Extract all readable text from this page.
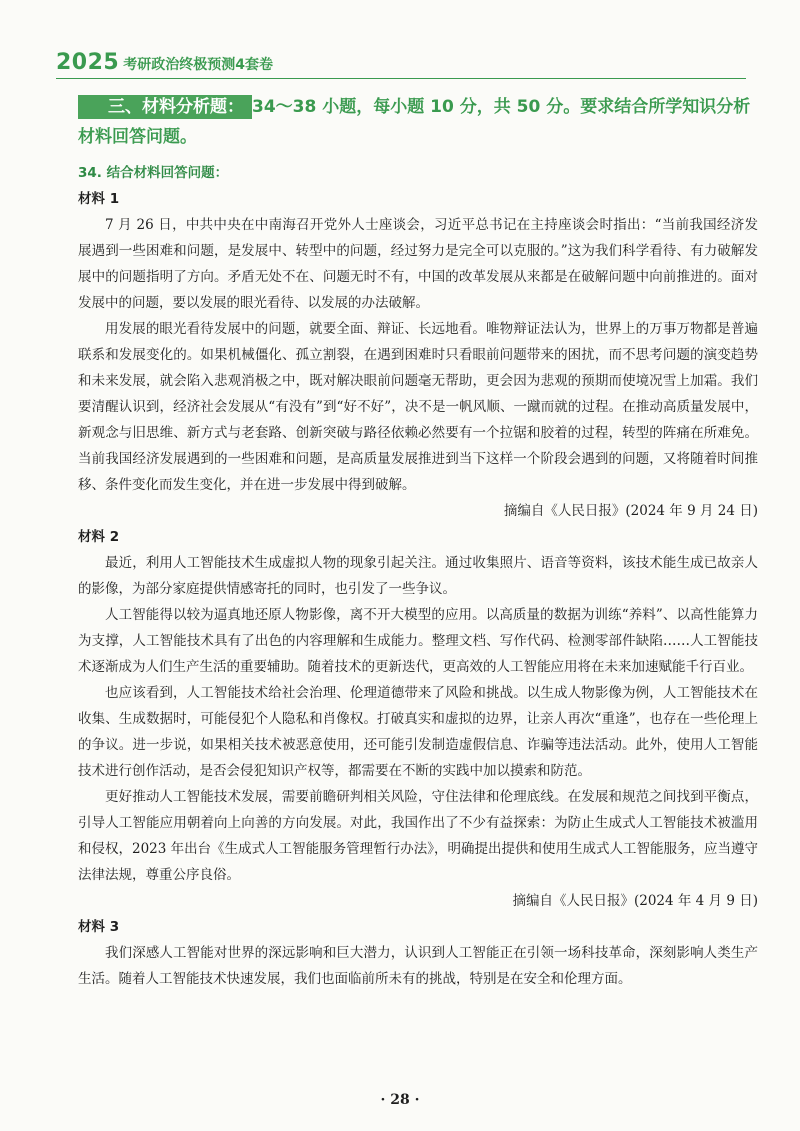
2025 考研政治终极预测4套卷
三、材料分析题： 34～38 小题，每小题 10 分，共 50 分。要求结合所学知识分析材料回答问题。

34. 结合材料回答问题：

材料 1

7 月 26 日，中共中央在中南海召开党外人士座谈会，习近平总书记在主持座谈会时指出：“当前我国经济发展遇到一些困难和问题，是发展中、转型中的问题，经过努力是完全可以克服的。”这为我们科学看待、有力破解发展中的问题指明了方向。矛盾无处不在、问题无时不有，中国的改革发展从来都是在破解问题中向前推进的。面对发展中的问题，要以发展的眼光看待、以发展的办法破解。

用发展的眼光看待发展中的问题，就要全面、辩证、长远地看。唯物辩证法认为，世界上的万事万物都是普遍联系和发展变化的。如果机械僵化、孤立割裂，在遇到困难时只看眼前问题带来的困扰，而不思考问题的演变趋势和未来发展，就会陷入悲观消极之中，既对解决眼前问题毫无帮助，更会因为悲观的预期而使境况雪上加霜。我们要清醒认识到，经济社会发展从“有没有”到“好不好”，决不是一帆风顺、一蹴而就的过程。在推动高质量发展中，新观念与旧思维、新方式与老套路、创新突破与路径依赖必然要有一个拉锯和胶着的过程，转型的阵痛在所难免。当前我国经济发展遇到的一些困难和问题，是高质量发展推进到当下这样一个阶段会遇到的问题，又将随着时间推移、条件变化而发生变化，并在进一步发展中得到破解。

摘编自《人民日报》(2024 年 9 月 24 日)

材料 2

最近，利用人工智能技术生成虚拟人物的现象引起关注。通过收集照片、语音等资料，该技术能生成已故亲人的影像，为部分家庭提供情感寄托的同时，也引发了一些争议。

人工智能得以较为逼真地还原人物影像，离不开大模型的应用。以高质量的数据为训练“养料”、以高性能算力为支撑，人工智能技术具有了出色的内容理解和生成能力。整理文档、写作代码、检测零部件缺陷……人工智能技术逐渐成为人们生产生活的重要辅助。随着技术的更新迭代，更高效的人工智能应用将在未来加速赋能千行百业。

也应该看到，人工智能技术给社会治理、伦理道德带来了风险和挑战。以生成人物影像为例，人工智能技术在收集、生成数据时，可能侵犯个人隐私和肖像权。打破真实和虚拟的边界，让亲人再次“重逢”，也存在一些伦理上的争议。进一步说，如果相关技术被恶意使用，还可能引发制造虚假信息、诈骗等违法活动。此外，使用人工智能技术进行创作活动，是否会侵犯知识产权等，都需要在不断的实践中加以摸索和防范。

更好推动人工智能技术发展，需要前瞻研判相关风险，守住法律和伦理底线。在发展和规范之间找到平衡点，引导人工智能应用朝着向上向善的方向发展。对此，我国作出了不少有益探索：为防止生成式人工智能技术被滥用和侵权，2023 年出台《生成式人工智能服务管理暂行办法》，明确提出提供和使用生成式人工智能服务，应当遵守法律法规，尊重公序良俗。

摘编自《人民日报》(2024 年 4 月 9 日)

材料 3

我们深感人工智能对世界的深远影响和巨大潜力，认识到人工智能正在引领一场科技革命，深刻影响人类生产生活。随着人工智能技术快速发展，我们也面临前所未有的挑战，特别是在安全和伦理方面。

· 28 ·
